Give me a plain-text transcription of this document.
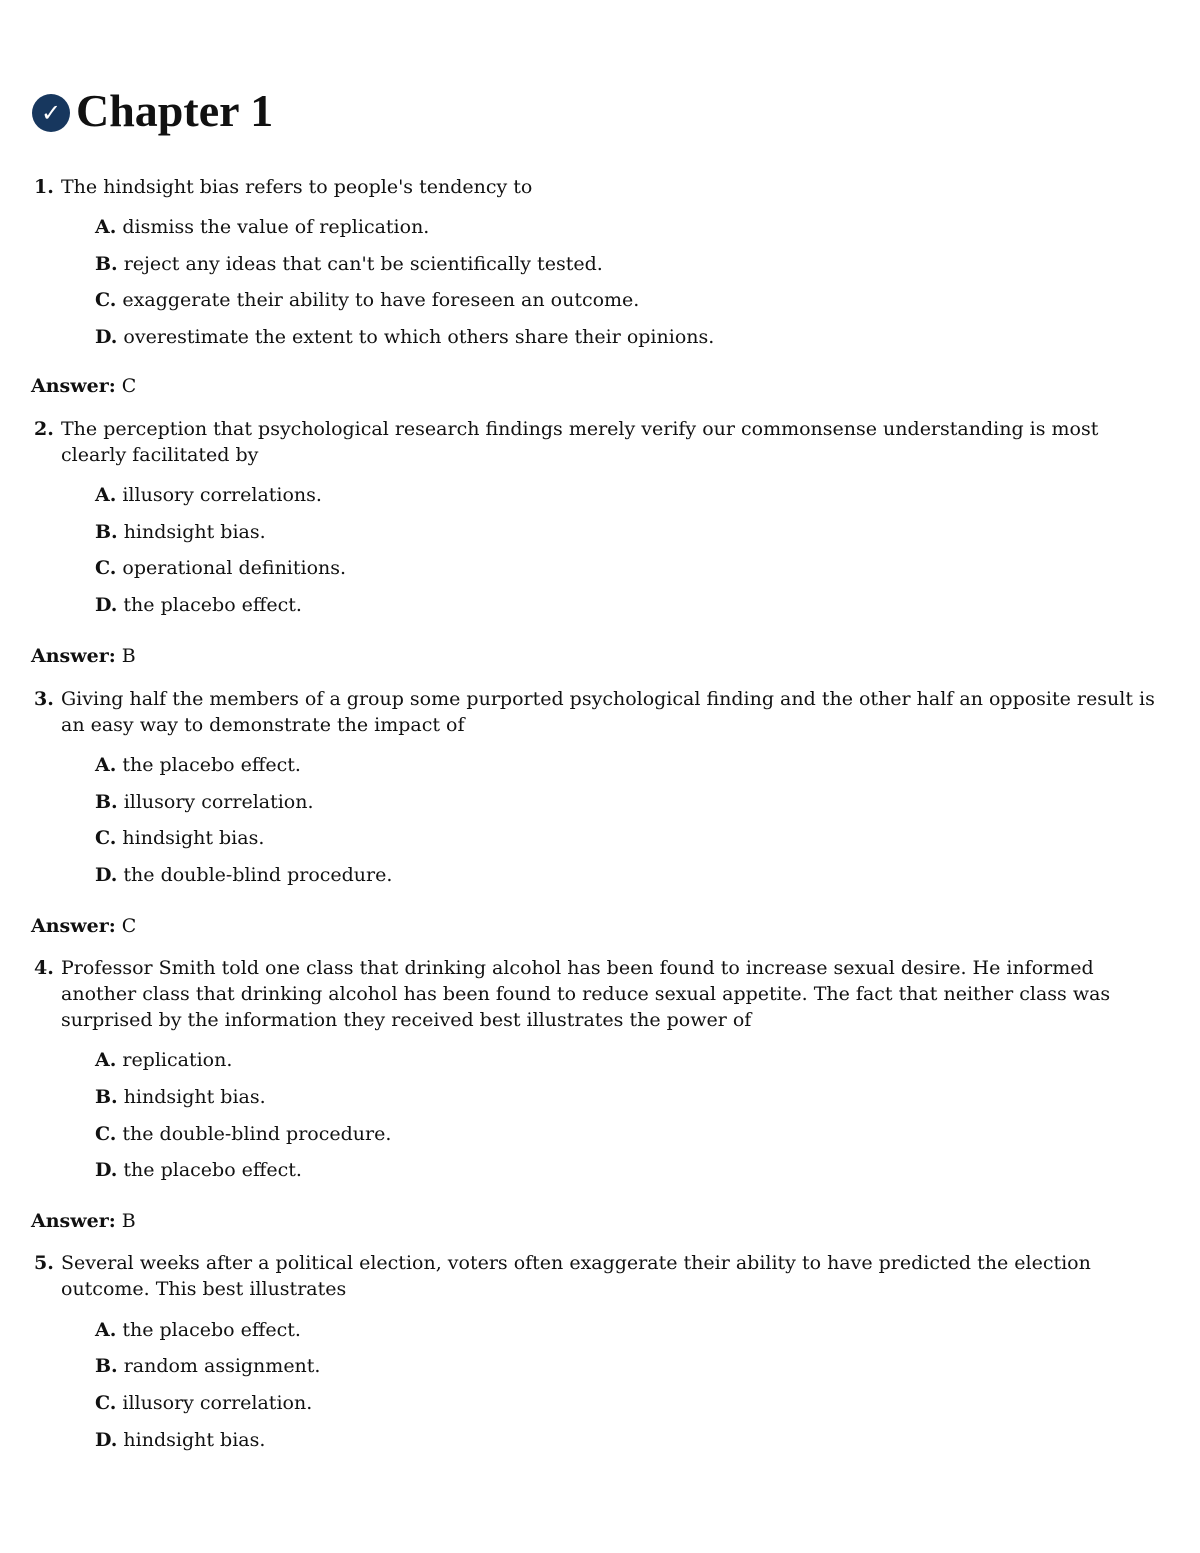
✓ Chapter 1
1. The hindsight bias refers to people's tendency to
A. dismiss the value of replication.
B. reject any ideas that can't be scientifically tested.
C. exaggerate their ability to have foreseen an outcome.
D. overestimate the extent to which others share their opinions.
Answer: C
2. The perception that psychological research findings merely verify our commonsense understanding is most clearly facilitated by
A. illusory correlations.
B. hindsight bias.
C. operational definitions.
D. the placebo effect.
Answer: B
3. Giving half the members of a group some purported psychological finding and the other half an opposite result is an easy way to demonstrate the impact of
A. the placebo effect.
B. illusory correlation.
C. hindsight bias.
D. the double-blind procedure.
Answer: C
4. Professor Smith told one class that drinking alcohol has been found to increase sexual desire. He informed another class that drinking alcohol has been found to reduce sexual appetite. The fact that neither class was surprised by the information they received best illustrates the power of
A. replication.
B. hindsight bias.
C. the double-blind procedure.
D. the placebo effect.
Answer: B
5. Several weeks after a political election, voters often exaggerate their ability to have predicted the election outcome. This best illustrates
A. the placebo effect.
B. random assignment.
C. illusory correlation.
D. hindsight bias.
